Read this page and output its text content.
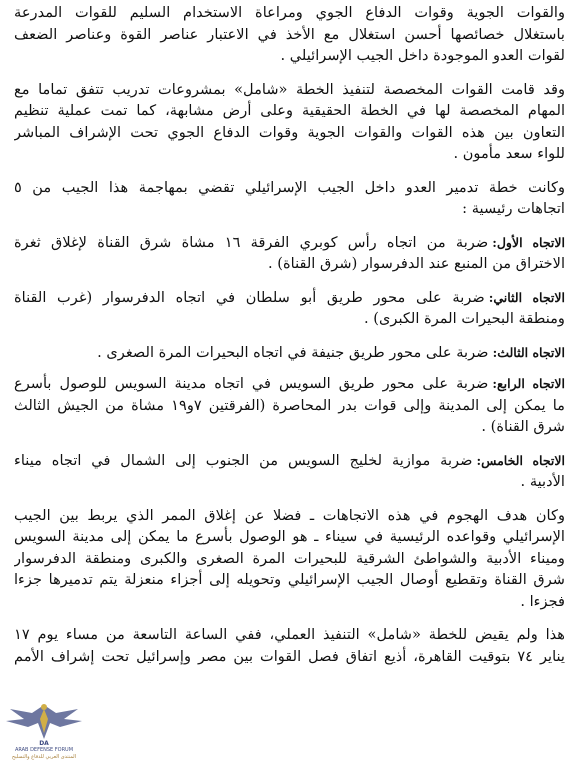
والقوات الجوية وقوات الدفاع الجوي ومراعاة الاستخدام السليم للقوات المدرعة
باستغلال خصائصها أحسن استغلال مع الأخذ في الاعتبار عناصر القوة وعناصر الضعف
لقوات العدو الموجودة داخل الجيب الإسرائيلي .
وقد قامت القوات المخصصة لتنفيذ الخطة «شامل» بمشروعات تدريب تتفق تماما مع
المهام المخصصة لها في الخطة الحقيقية وعلى أرض مشابهة، كما تمت عملية تنظيم
التعاون بين هذه القوات والقوات الجوية وقوات الدفاع الجوي تحت الإشراف المباشر
للواء سعد مأمون .
وكانت خطة تدمير العدو داخل الجيب الإسرائيلي تقضي بمهاجمة هذا الجيب من ٥
اتجاهات رئيسية :
الاتجاه الأول:ضربة من اتجاه رأس كوبري الفرقة ١٦ مشاة شرق القناة لإغلاق ثغرة
الاختراق من المنبع عند الدفرسوار (شرق القناة) .
الاتجاه الثاني:ضربة على محور طريق أبو سلطان في اتجاه الدفرسوار (غرب القناة
ومنطقة البحيرات المرة الكبرى) .
الاتجاه الثالث:ضربة على محور طريق جنيفة في اتجاه البحيرات المرة الصغرى .
الاتجاه الرابع:ضربة على محور طريق السويس في اتجاه مدينة السويس للوصول بأسرع
ما يمكن إلى المدينة وإلى قوات بدر المحاصرة (الفرقتين ٧و١٩ مشاة من الجيش الثالث
شرق القناة) .
الاتجاه الخامس:ضربة موازية لخليج السويس من الجنوب إلى الشمال في اتجاه ميناء
الأدبية .
وكان هدف الهجوم في هذه الاتجاهات ـ فضلا عن إغلاق الممر الذي يربط بين الجيب
الإسرائيلي وقواعده الرئيسية في سيناء ـ هو الوصول بأسرع ما يمكن إلى مدينة السويس
وميناء الأدبية والشواطئ الشرقية للبحيرات المرة الصغرى والكبرى ومنطقة الدفرسوار
شرق القناة وتقطيع أوصال الجيب الإسرائيلي وتحويله إلى أجزاء منعزلة يتم تدميرها جزءا
فجزءا .
هذا ولم يقيض للخطة «شامل» التنفيذ العملي، ففي الساعة التاسعة من مساء يوم ١٧
يناير ٧٤ بتوقيت القاهرة، أذيع اتفاق فصل القوات بين مصر وإسرائيل تحت إشراف الأمم
DA
ARAB DEFENSE FORUM
المنتدى العربي للدفاع والتسليح
